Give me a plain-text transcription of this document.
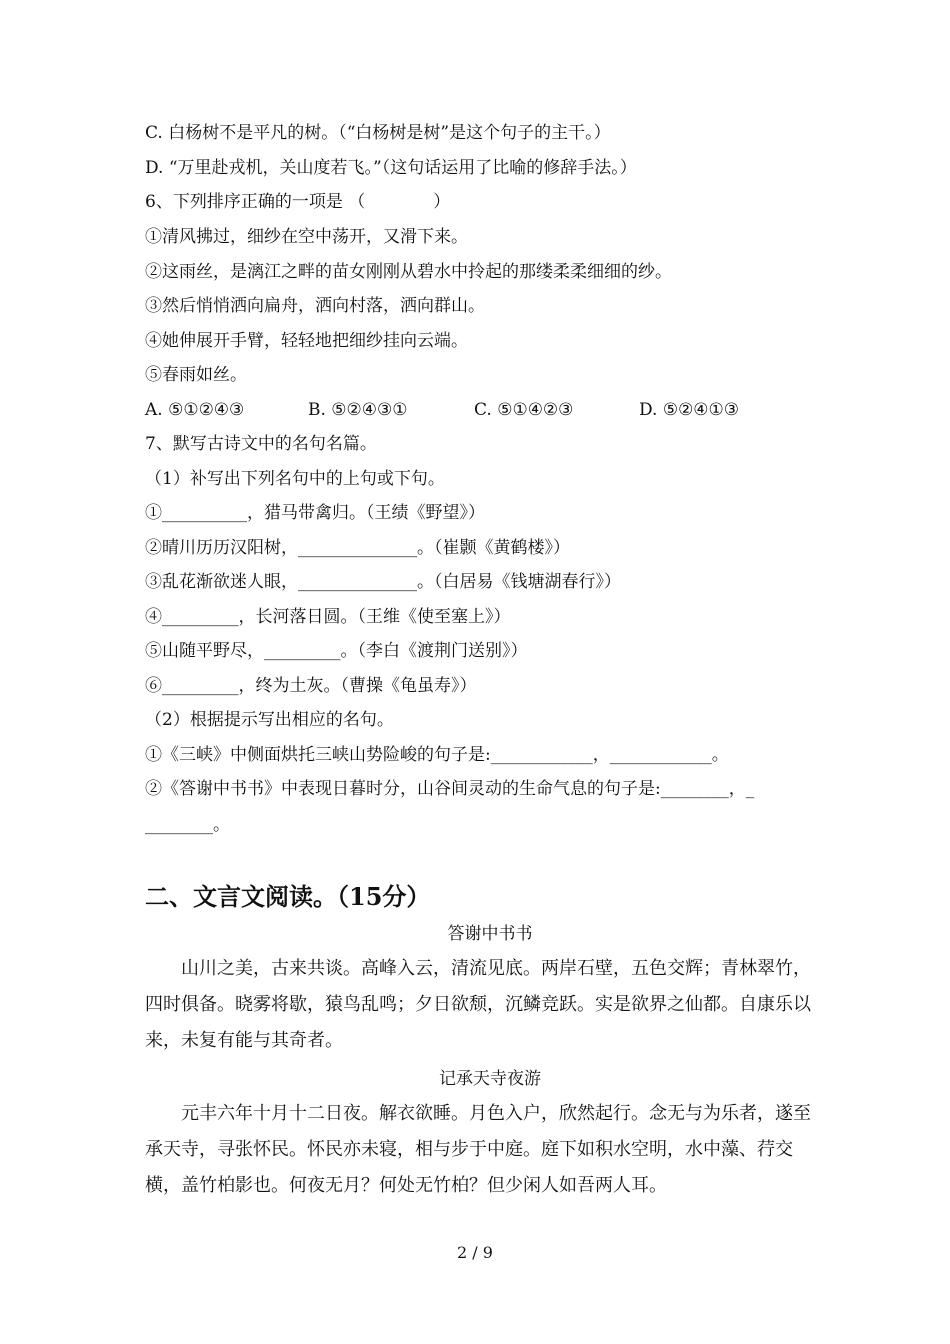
C. 白杨树不是平凡的树。（“白杨树是树”是这个句子的主干。）
D. “万里赴戎机，关山度若飞。”（这句话运用了比喻的修辞手法。）
6、下列排序正确的一项是 （　　　　）
①清风拂过，细纱在空中荡开，又滑下来。
②这雨丝，是漓江之畔的苗女刚刚从碧水中拎起的那缕柔柔细细的纱。
③然后悄悄洒向扁舟，洒向村落，洒向群山。
④她伸展开手臂，轻轻地把细纱挂向云端。
⑤春雨如丝。
A. ⑤①②④③	B. ⑤②④③①	C. ⑤①④②③	D. ⑤②④①③
7、默写古诗文中的名句名篇。
（1）补写出下列名句中的上句或下句。
①__________，猎马带禽归。（王绩《野望》）
②晴川历历汉阳树，______________。（崔颢《黄鹤楼》）
③乱花渐欲迷人眼，______________。（白居易《钱塘湖春行》）
④_________，长河落日圆。（王维《使至塞上》）
⑤山随平野尽，_________。（李白《渡荆门送别》）
⑥_________，终为土灰。（曹操《龟虽寿》）
（2）根据提示写出相应的名句。
①《三峡》中侧面烘托三峡山势险峻的句子是:____________，____________。
②《答谢中书书》中表现日暮时分，山谷间灵动的生命气息的句子是:________，_
________。
二、文言文阅读。（15分）
答谢中书书
山川之美，古来共谈。高峰入云，清流见底。两岸石壁，五色交辉；青林翠竹，四时俱备。晓雾将歇，猿鸟乱鸣；夕日欲颓，沉鳞竞跃。实是欲界之仙都。自康乐以来，未复有能与其奇者。
记承天寺夜游
元丰六年十月十二日夜。解衣欲睡。月色入户，欣然起行。念无与为乐者，遂至承天寺，寻张怀民。怀民亦未寝，相与步于中庭。庭下如积水空明，水中藻、荇交横，盖竹柏影也。何夜无月？何处无竹柏？但少闲人如吾两人耳。
2 / 9
